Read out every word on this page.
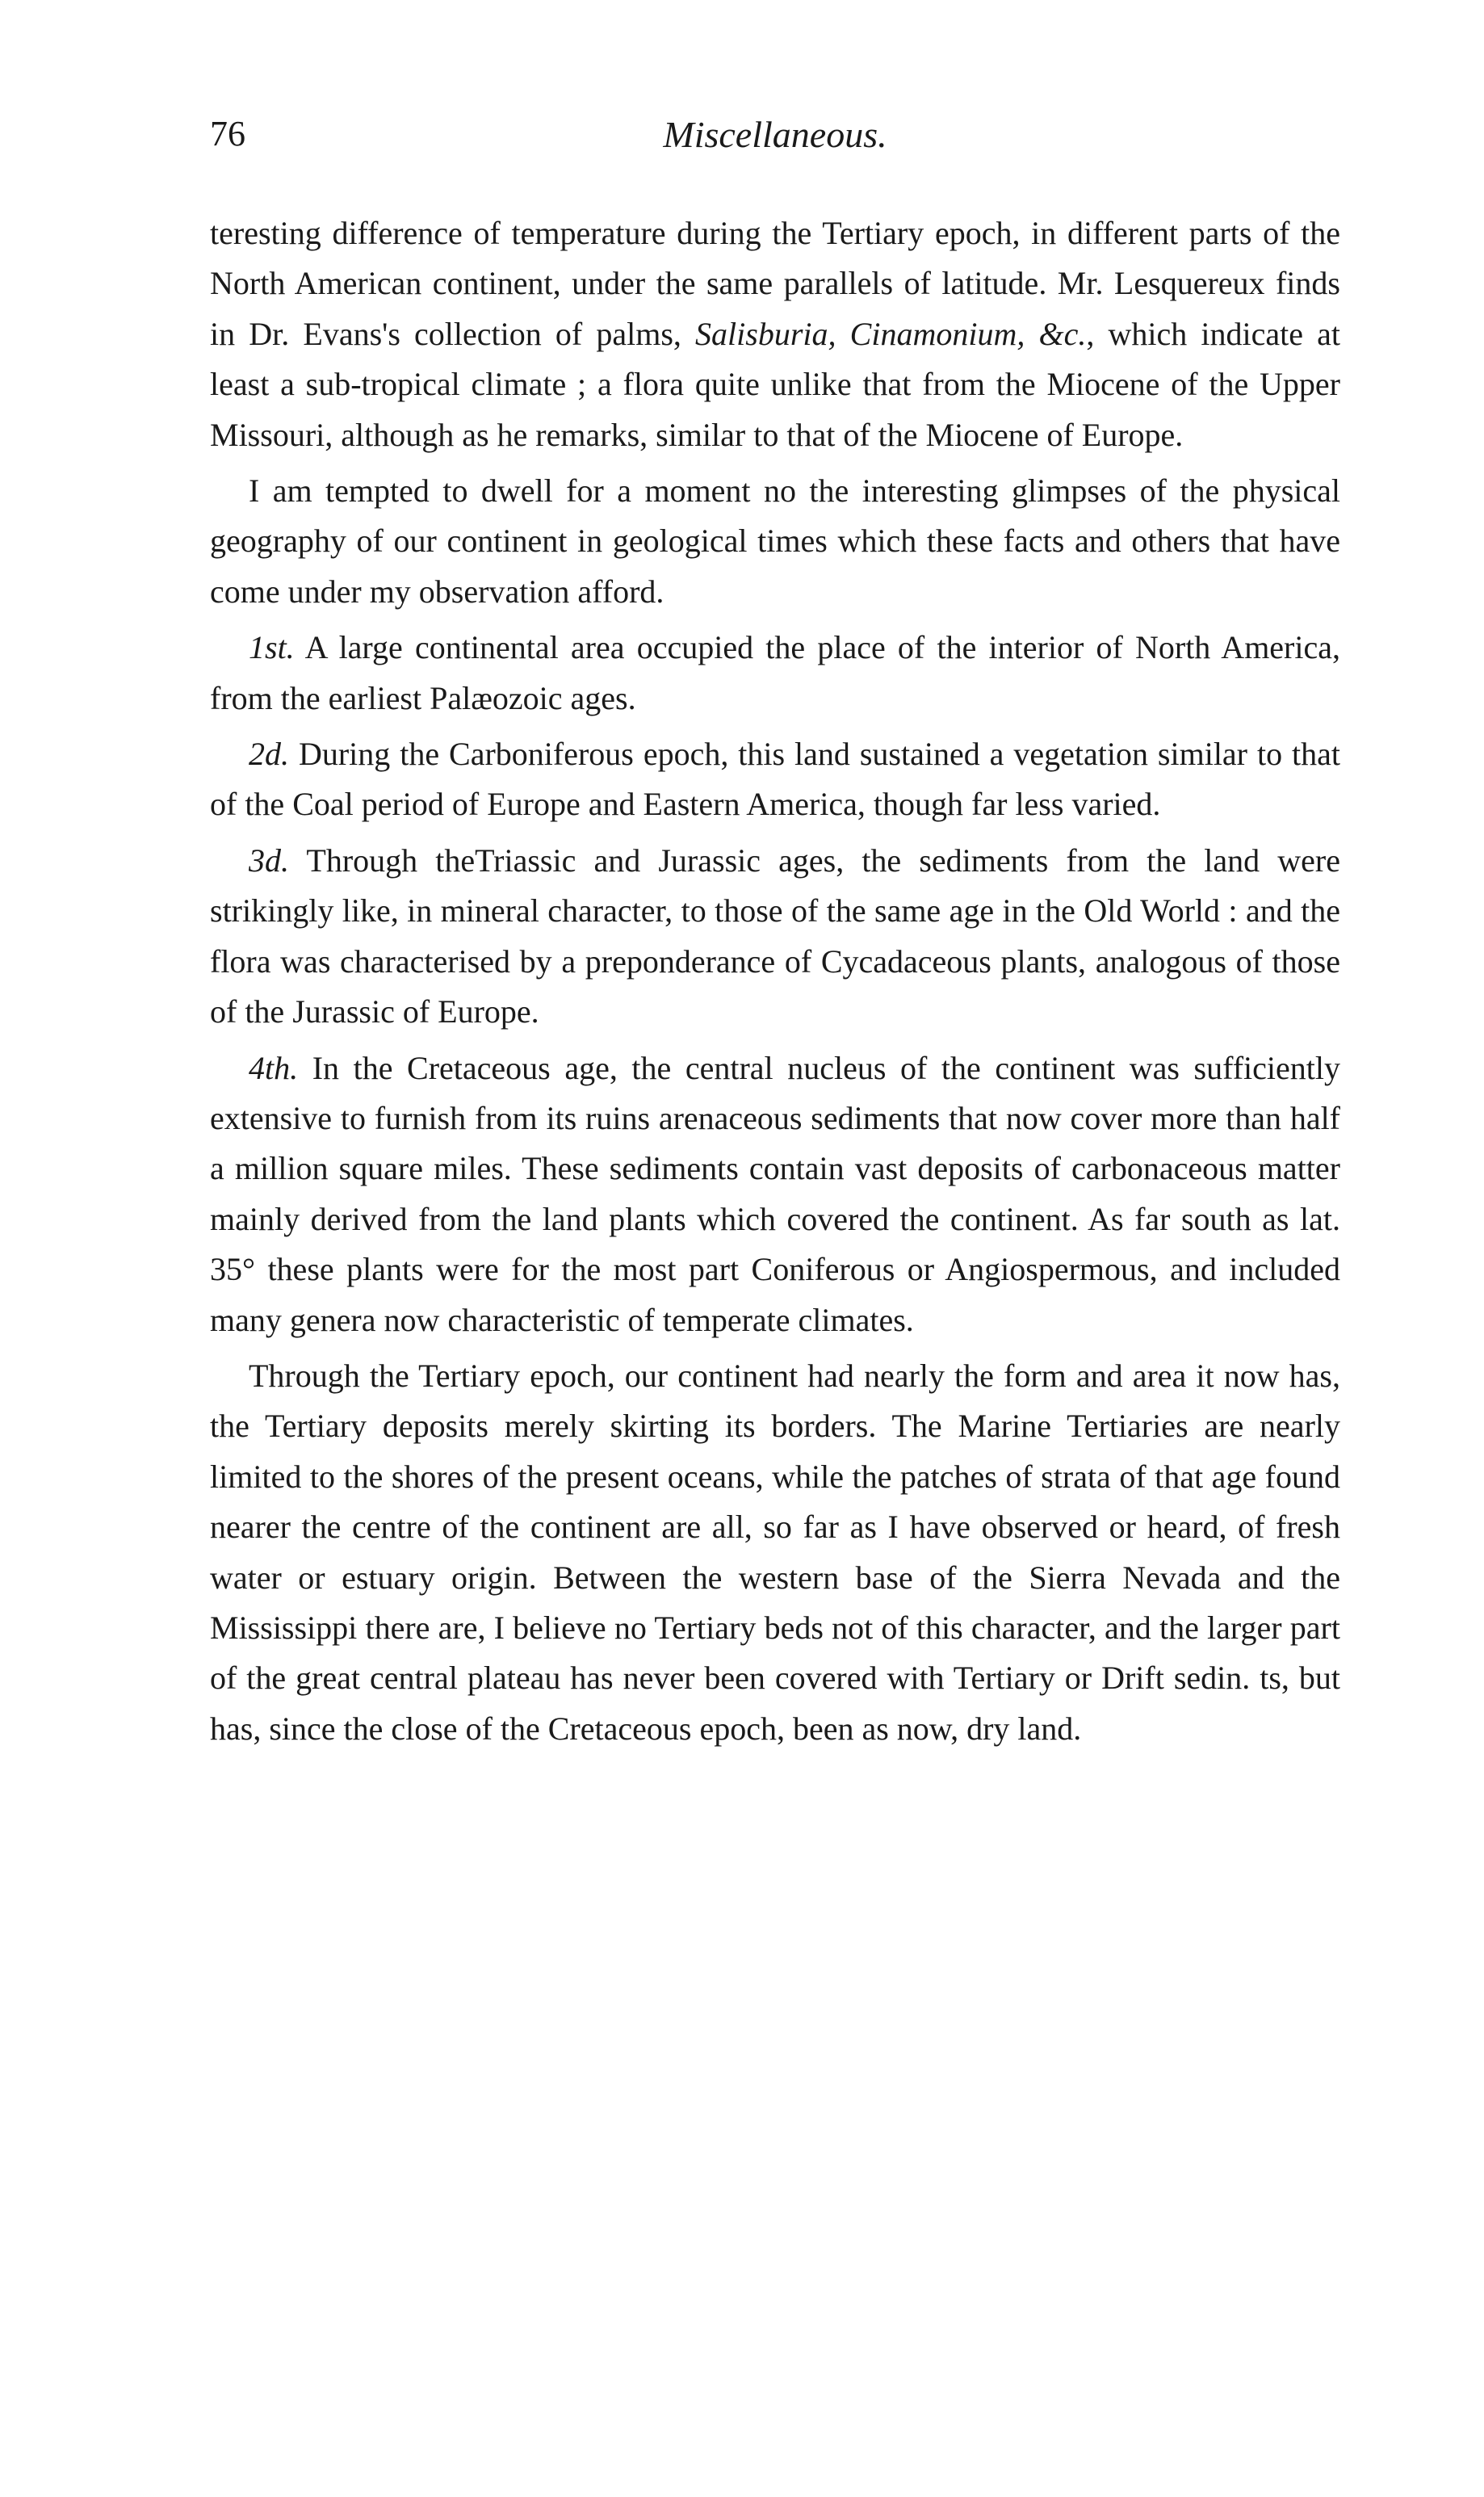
76	Miscellaneous.

teresting difference of temperature during the Tertiary epoch, in different parts of the North American continent, under the same parallels of latitude. Mr. Lesquereux finds in Dr. Evans's collection of palms, Salisburia, Cinamonium, &c., which indicate at least a sub-tropical climate ; a flora quite unlike that from the Miocene of the Upper Missouri, although as he remarks, similar to that of the Miocene of Europe.

I am tempted to dwell for a moment no the interesting glimpses of the physical geography of our continent in geological times which these facts and others that have come under my observation afford.

1st. A large continental area occupied the place of the interior of North America, from the earliest Palæozoic ages.

2d. During the Carboniferous epoch, this land sustained a vegetation similar to that of the Coal period of Europe and Eastern America, though far less varied.

3d. Through theTriassic and Jurassic ages, the sediments from the land were strikingly like, in mineral character, to those of the same age in the Old World : and the flora was characterised by a preponderance of Cycadaceous plants, analogous of those of the Jurassic of Europe.

4th. In the Cretaceous age, the central nucleus of the continent was sufficiently extensive to furnish from its ruins arenaceous sediments that now cover more than half a million square miles. These sediments contain vast deposits of carbonaceous matter mainly derived from the land plants which covered the continent. As far south as lat. 35° these plants were for the most part Coniferous or Angiospermous, and included many genera now characteristic of temperate climates.

Through the Tertiary epoch, our continent had nearly the form and area it now has, the Tertiary deposits merely skirting its borders. The Marine Tertiaries are nearly limited to the shores of the present oceans, while the patches of strata of that age found nearer the centre of the continent are all, so far as I have observed or heard, of fresh water or estuary origin. Between the western base of the Sierra Nevada and the Mississippi there are, I believe no Tertiary beds not of this character, and the larger part of the great central plateau has never been covered with Tertiary or Drift sedin. ts, but has, since the close of the Cretaceous epoch, been as now, dry land.
